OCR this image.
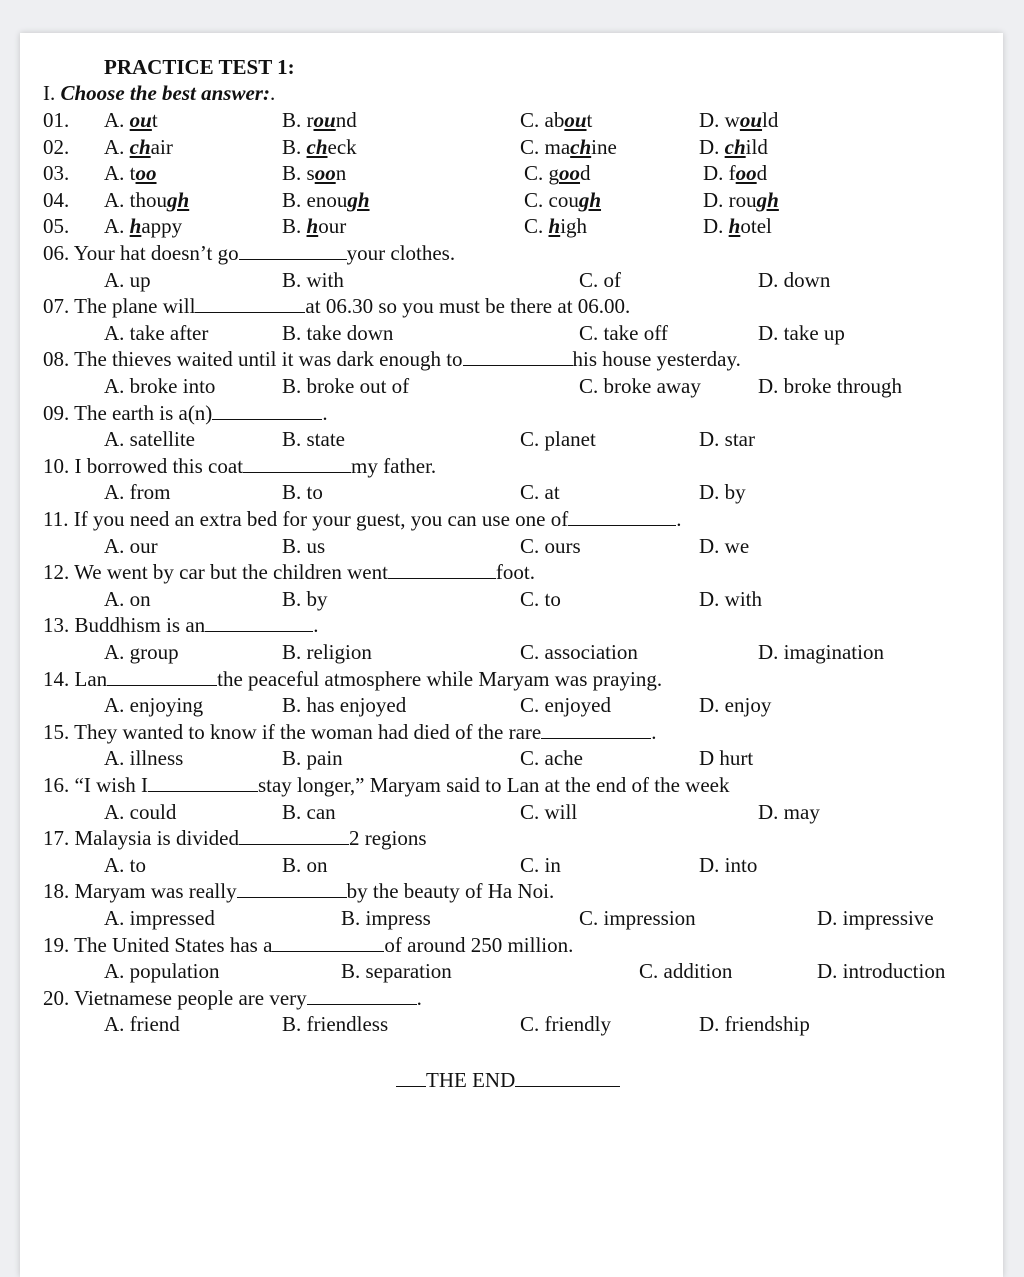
PRACTICE TEST 1:
I. Choose the best answer:.
01. A. out	B. round	C. about	D. would
02. A. chair	B. check	C. machine	D. child
03. A. too	B. soon	C. good	D. food
04. A. though	B. enough	C. cough	D. rough
05. A. happy	B. hour	C. high	D. hotel
06. Your hat doesn’t go	your clothes.
A. up	B. with	C. of	D. down
07. The plane will	at 06.30 so you must be there at 06.00.
A. take after	B. take down	C. take off	D. take up
08. The thieves waited until it was dark enough to	his house yesterday.
A. broke into	B. broke out of	C. broke away	D. broke through
09. The earth is a(n)	.
A. satellite	B. state	C. planet	D. star
10. I borrowed this coat	my father.
A. from	B. to	C. at	D. by
11. If you need an extra bed for your guest, you can use one of	.
A. our	B. us	C. ours	D. we
12. We went by car but the children went	foot.
A. on	B. by	C. to	D. with
13. Buddhism is an	.
A. group	B. religion	C. association	D. imagination
14. Lan	the peaceful atmosphere while Maryam was praying.
A. enjoying	B. has enjoyed	C. enjoyed	D. enjoy
15. They wanted to know if the woman had died of the rare	.
A. illness	B. pain	C. ache	D hurt
16. “I wish I	stay longer,” Maryam said to Lan at the end of the week
A. could	B. can	C. will	D. may
17. Malaysia is divided	2 regions
A. to	B. on	C. in	D. into
18. Maryam was really	by the beauty of Ha Noi.
A. impressed	B. impress	C. impression	D. impressive
19. The United States has a	of around 250 million.
A. population	B. separation	C. addition	D. introduction
20. Vietnamese people are very	.
A. friend	B. friendless	C. friendly	D. friendship
THE END
